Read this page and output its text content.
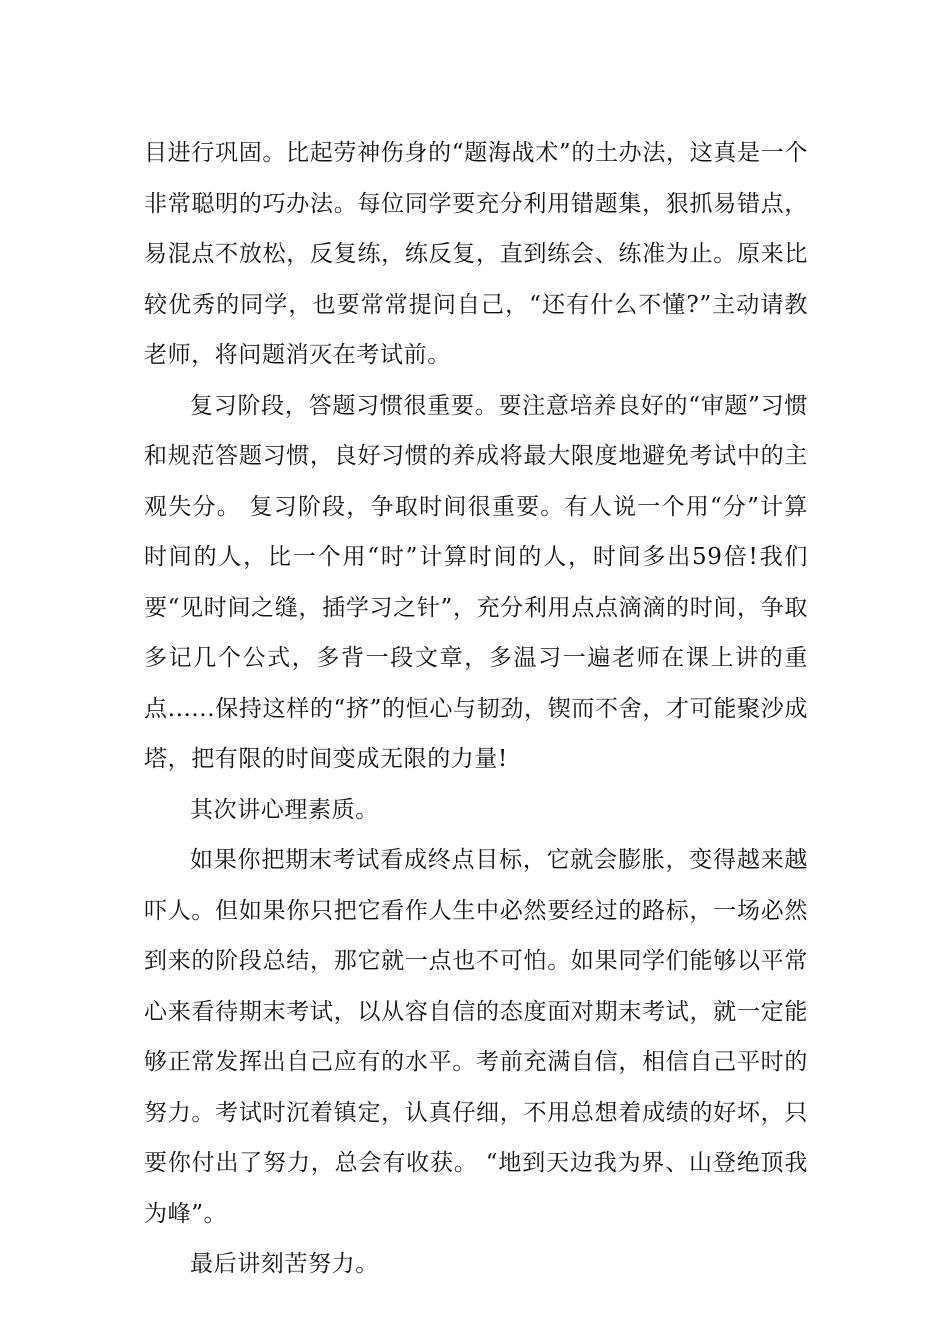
目进行巩固。比起劳神伤身的“题海战术”的土办法，这真是一个非常聪明的巧办法。每位同学要充分利用错题集，狠抓易错点，易混点不放松，反复练，练反复，直到练会、练准为止。原来比较优秀的同学，也要常常提问自己，“还有什么不懂?”主动请教老师，将问题消灭在考试前。

复习阶段，答题习惯很重要。要注意培养良好的“审题”习惯和规范答题习惯，良好习惯的养成将最大限度地避免考试中的主观失分。 复习阶段，争取时间很重要。有人说一个用“分”计算时间的人，比一个用“时”计算时间的人，时间多出59倍!我们要“见时间之缝，插学习之针”，充分利用点点滴滴的时间，争取多记几个公式，多背一段文章，多温习一遍老师在课上讲的重点......保持这样的“挤”的恒心与韧劲，锲而不舍，才可能聚沙成塔，把有限的时间变成无限的力量!

其次讲心理素质。

如果你把期末考试看成终点目标，它就会膨胀，变得越来越吓人。但如果你只把它看作人生中必然要经过的路标，一场必然到来的阶段总结，那它就一点也不可怕。如果同学们能够以平常心来看待期末考试，以从容自信的态度面对期末考试，就一定能够正常发挥出自己应有的水平。考前充满自信，相信自己平时的努力。考试时沉着镇定，认真仔细，不用总想着成绩的好坏，只要你付出了努力，总会有收获。 “地到天边我为界、山登绝顶我为峰”。

最后讲刻苦努力。
